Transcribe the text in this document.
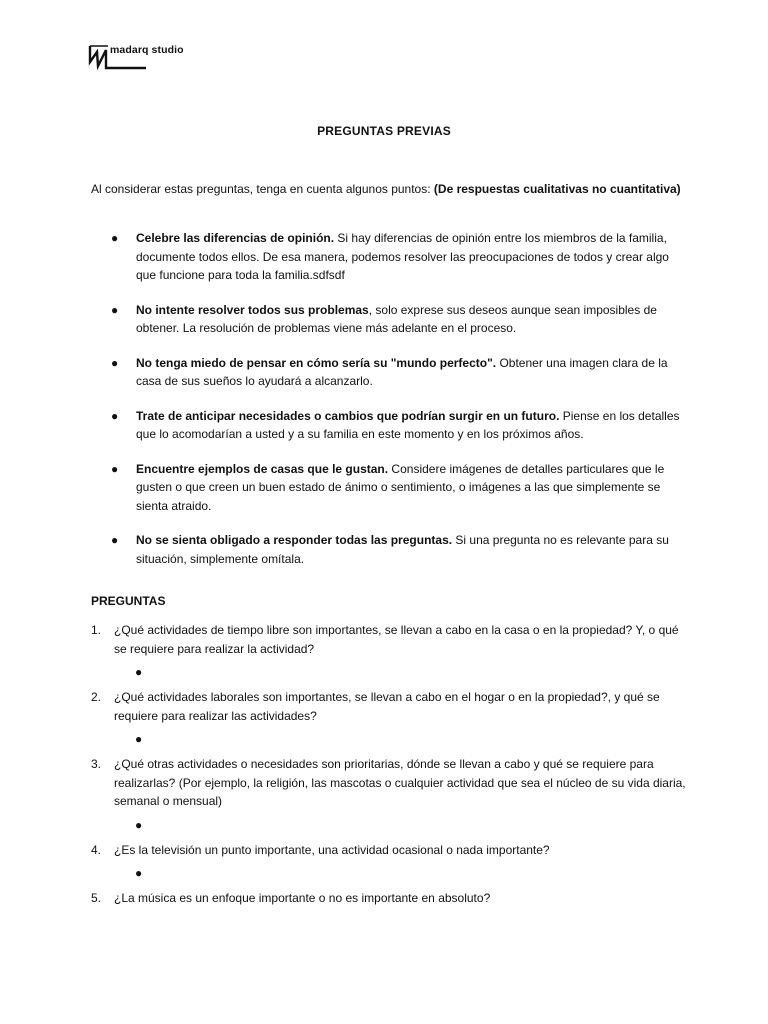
madarq studio
PREGUNTAS PREVIAS
Al considerar estas preguntas, tenga en cuenta algunos puntos: (De respuestas cualitativas no cuantitativa)
● Celebre las diferencias de opinión. Si hay diferencias de opinión entre los miembros de la familia, documente todos ellos. De esa manera, podemos resolver las preocupaciones de todos y crear algo que funcione para toda la familia.sdfsdf
● No intente resolver todos sus problemas, solo exprese sus deseos aunque sean imposibles de obtener. La resolución de problemas viene más adelante en el proceso.
● No tenga miedo de pensar en cómo sería su "mundo perfecto". Obtener una imagen clara de la casa de sus sueños lo ayudará a alcanzarlo.
● Trate de anticipar necesidades o cambios que podrían surgir en un futuro. Piense en los detalles que lo acomodarían a usted y a su familia en este momento y en los próximos años.
● Encuentre ejemplos de casas que le gustan. Considere imágenes de detalles particulares que le gusten o que creen un buen estado de ánimo o sentimiento, o imágenes a las que simplemente se sienta atraido.
● No se sienta obligado a responder todas las preguntas. Si una pregunta no es relevante para su situación, simplemente omítala.
PREGUNTAS
1. ¿Qué actividades de tiempo libre son importantes, se llevan a cabo en la casa o en la propiedad? Y, o qué se requiere para realizar la actividad?
●
2. ¿Qué actividades laborales son importantes, se llevan a cabo en el hogar o en la propiedad?, y qué se requiere para realizar las actividades?
●
3. ¿Qué otras actividades o necesidades son prioritarias, dónde se llevan a cabo y qué se requiere para realizarlas? (Por ejemplo, la religión, las mascotas o cualquier actividad que sea el núcleo de su vida diaria, semanal o mensual)
●
4. ¿Es la televisión un punto importante, una actividad ocasional o nada importante?
●
5. ¿La música es un enfoque importante o no es importante en absoluto?
